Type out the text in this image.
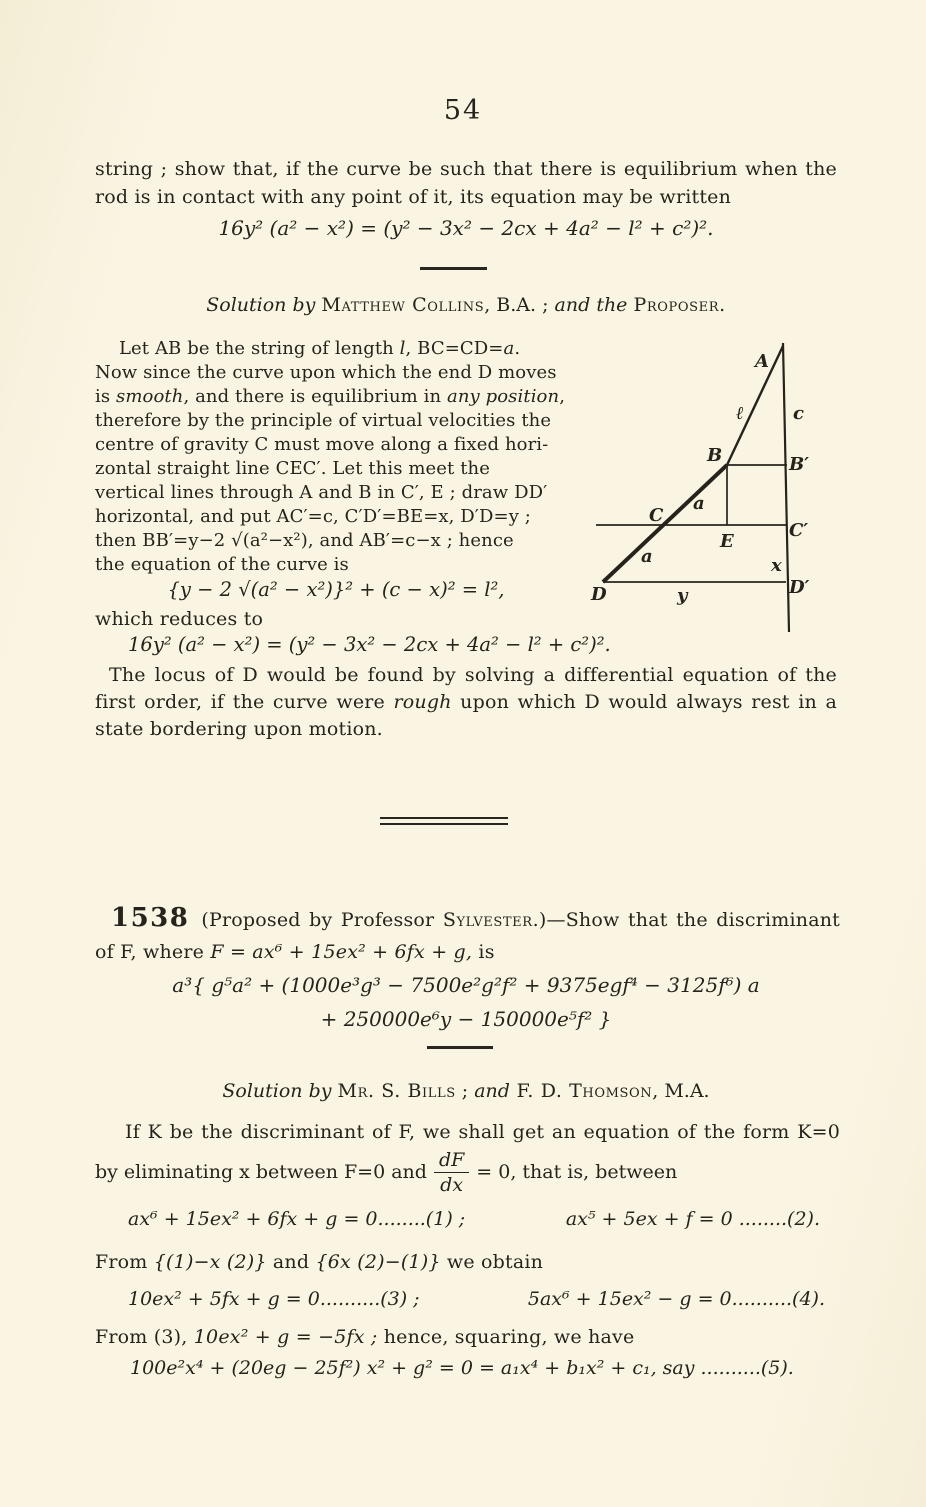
54
string ; show that, if the curve be such that there is equilibrium when the
rod is in contact with any point of it, its equation may be written
16y² (a² − x²) = (y² − 3x² − 2cx + 4a² − l² + c²)².
Solution by Matthew Collins, B.A. ; and the Proposer.
Let AB be the string of length l, BC=CD=a.
Now since the curve upon which the end D moves
is smooth, and there is equilibrium in any position,
therefore by the principle of virtual velocities the
centre of gravity C must move along a fixed hori-
zontal straight line CEC′. Let this meet the
vertical lines through A and B in C′, E ; draw DD′
horizontal, and put AC′=c, C′D′=BE=x, D′D=y ;
then BB′=y−2 √(a²−x²), and AB′=c−x ; hence
the equation of the curve is
{y − 2 √(a² − x²)}² + (c − x)² = l²,
A
ℓ	c
B	B′
a
C
E
C′
a	x
D	y	D′
which reduces to
16y² (a² − x²) = (y² − 3x² − 2cx + 4a² − l² + c²)².
The locus of D would be found by solving a differential equation of the
first order, if the curve were rough upon which D would always rest in a
state bordering upon motion.
1538 (Proposed by Professor Sylvester.)—Show that the discriminant
of F, where F = ax⁶ + 15ex² + 6fx + g, is
a³{ g⁵a² + (1000e³g³ − 7500e²g²f² + 9375egf⁴ − 3125f⁶) a
+ 250000e⁶y − 150000e⁵f² }
Solution by Mr. S. Bills ; and F. D. Thomson, M.A.
If K be the discriminant of F, we shall get an equation of the form K=0
by eliminating x between F=0 and $\frac{dF}{dx} = 0$, that is, between
ax⁶ + 15ex² + 6fx + g = 0........(1) ;	ax⁵ + 5ex + f = 0 ........(2).
From {(1)−x (2)} and {6x (2)−(1)} we obtain
10ex² + 5fx + g = 0..........(3) ;	5ax⁶ + 15ex² − g = 0..........(4).
From (3), 10ex² + g = −5fx ; hence, squaring, we have
100e²x⁴ + (20eg − 25f²) x² + g² = 0 = a₁x⁴ + b₁x² + c₁, say ..........(5).
